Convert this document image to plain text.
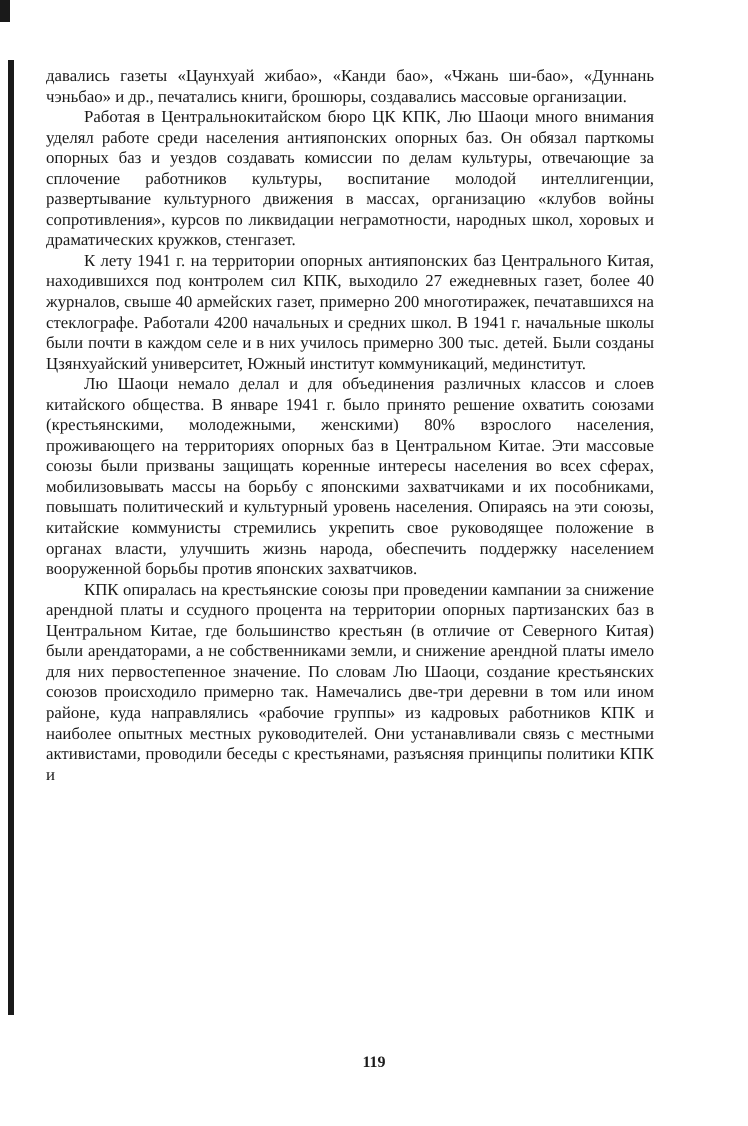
давались газеты «Цаунхуай жибао», «Канди бао», «Чжань ши-бао», «Дуннань чэньбао» и др., печатались книги, брошюры, создавались массовые организации.

Работая в Центральнокитайском бюро ЦК КПК, Лю Шаоци много внимания уделял работе среди населения антияпонских опорных баз. Он обязал парткомы опорных баз и уездов создавать комиссии по делам культуры, отвечающие за сплочение работников культуры, воспитание молодой интеллигенции, развертывание культурного движения в массах, организацию «клубов войны сопротивления», курсов по ликвидации неграмотности, народных школ, хоровых и драматических кружков, стенгазет.

К лету 1941 г. на территории опорных антияпонских баз Центрального Китая, находившихся под контролем сил КПК, выходило 27 ежедневных газет, более 40 журналов, свыше 40 армейских газет, примерно 200 многотиражек, печатавшихся на стеклографе. Работали 4200 начальных и средних школ. В 1941 г. начальные школы были почти в каждом селе и в них училось примерно 300 тыс. детей. Были созданы Цзянхуайский университет, Южный институт коммуникаций, мединститут.

Лю Шаоци немало делал и для объединения различных классов и слоев китайского общества. В январе 1941 г. было принято решение охватить союзами (крестьянскими, молодежными, женскими) 80% взрослого населения, проживающего на территориях опорных баз в Центральном Китае. Эти массовые союзы были призваны защищать коренные интересы населения во всех сферах, мобилизовывать массы на борьбу с японскими захватчиками и их пособниками, повышать политический и культурный уровень населения. Опираясь на эти союзы, китайские коммунисты стремились укрепить свое руководящее положение в органах власти, улучшить жизнь народа, обеспечить поддержку населением вооруженной борьбы против японских захватчиков.

КПК опиралась на крестьянские союзы при проведении кампании за снижение арендной платы и ссудного процента на территории опорных партизанских баз в Центральном Китае, где большинство крестьян (в отличие от Северного Китая) были арендаторами, а не собственниками земли, и снижение арендной платы имело для них первостепенное значение. По словам Лю Шаоци, создание крестьянских союзов происходило примерно так. Намечались две-три деревни в том или ином районе, куда направлялись «рабочие группы» из кадровых работников КПК и наиболее опытных местных руководителей. Они устанавливали связь с местными активистами, проводили беседы с крестьянами, разъясняя принципы политики КПК и

119
